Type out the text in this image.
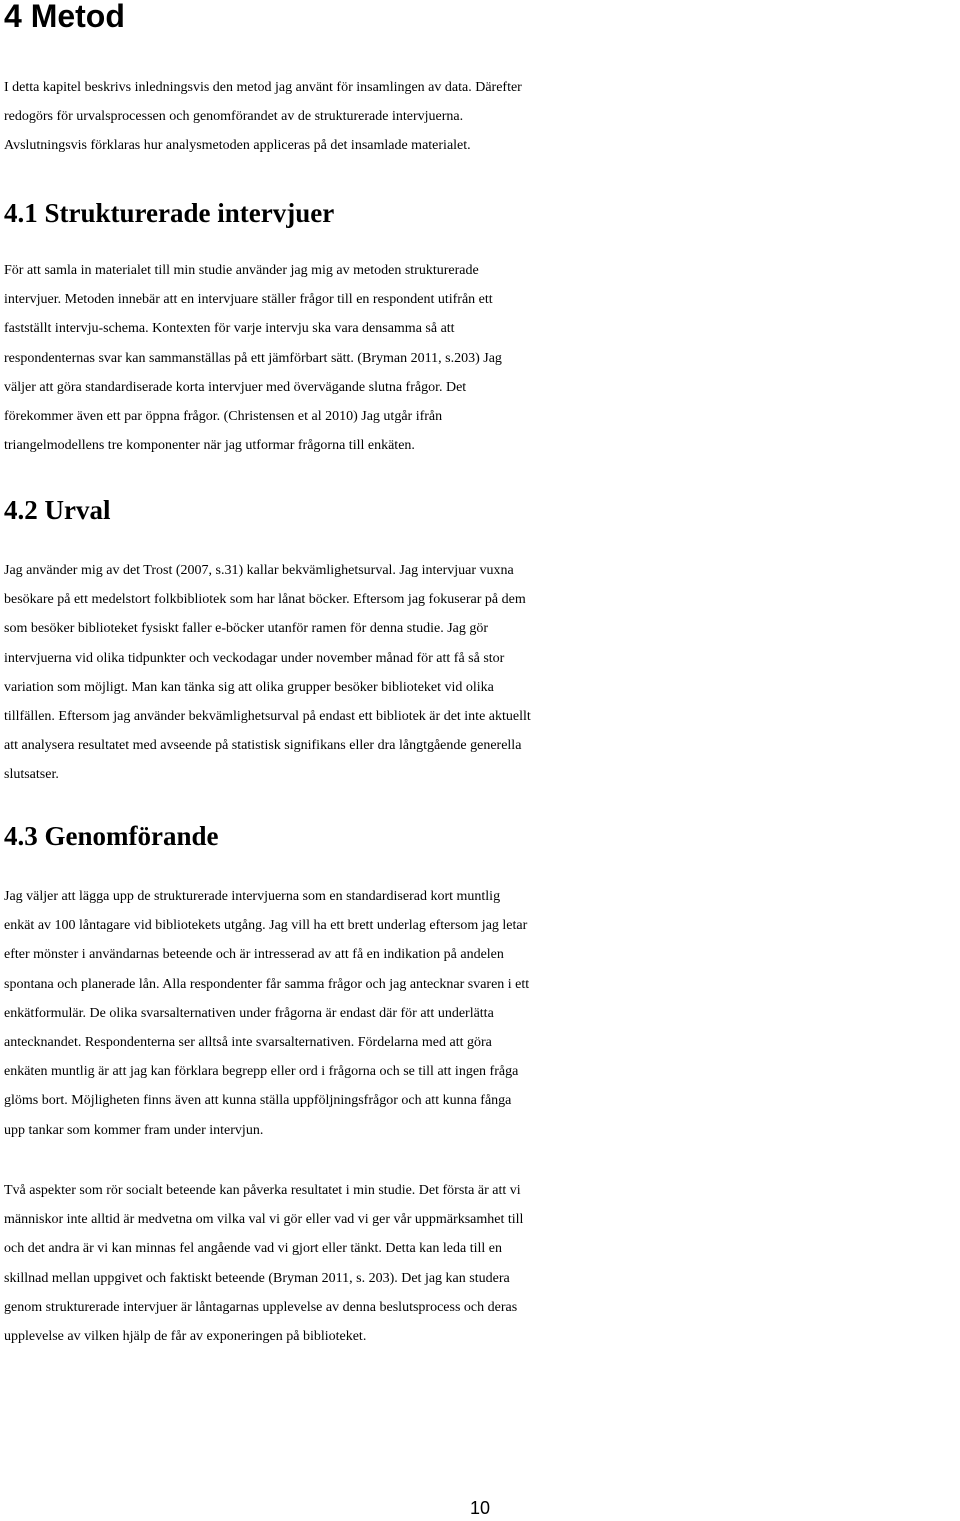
4 Metod
I detta kapitel beskrivs inledningsvis den metod jag använt för insamlingen av data. Därefter
redogörs för urvalsprocessen och genomförandet av de strukturerade intervjuerna.
Avslutningsvis förklaras hur analysmetoden appliceras på det insamlade materialet.
4.1 Strukturerade intervjuer
För att samla in materialet till min studie använder jag mig av metoden strukturerade
intervjuer. Metoden innebär att en intervjuare ställer frågor till en respondent utifrån ett
fastställt intervju-schema. Kontexten för varje intervju ska vara densamma så att
respondenternas svar kan sammanställas på ett jämförbart sätt. (Bryman 2011, s.203) Jag
väljer att göra standardiserade korta intervjuer med övervägande slutna frågor. Det
förekommer även ett par öppna frågor. (Christensen et al 2010) Jag utgår ifrån
triangelmodellens tre komponenter när jag utformar frågorna till enkäten.
4.2 Urval
Jag använder mig av det Trost (2007, s.31) kallar bekvämlighetsurval. Jag intervjuar vuxna
besökare på ett medelstort folkbibliotek som har lånat böcker. Eftersom jag fokuserar på dem
som besöker biblioteket fysiskt faller e-böcker utanför ramen för denna studie. Jag gör
intervjuerna vid olika tidpunkter och veckodagar under november månad för att få så stor
variation som möjligt. Man kan tänka sig att olika grupper besöker biblioteket vid olika
tillfällen. Eftersom jag använder bekvämlighetsurval på endast ett bibliotek är det inte aktuellt
att analysera resultatet med avseende på statistisk signifikans eller dra långtgående generella
slutsatser.
4.3 Genomförande
Jag väljer att lägga upp de strukturerade intervjuerna som en standardiserad kort muntlig
enkät av 100 låntagare vid bibliotekets utgång. Jag vill ha ett brett underlag eftersom jag letar
efter mönster i användarnas beteende och är intresserad av att få en indikation på andelen
spontana och planerade lån. Alla respondenter får samma frågor och jag antecknar svaren i ett
enkätformulär. De olika svarsalternativen under frågorna är endast där för att underlätta
antecknandet. Respondenterna ser alltså inte svarsalternativen. Fördelarna med att göra
enkäten muntlig är att jag kan förklara begrepp eller ord i frågorna och se till att ingen fråga
glöms bort. Möjligheten finns även att kunna ställa uppföljningsfrågor och att kunna fånga
upp tankar som kommer fram under intervjun.
Två aspekter som rör socialt beteende kan påverka resultatet i min studie. Det första är att vi
människor inte alltid är medvetna om vilka val vi gör eller vad vi ger vår uppmärksamhet till
och det andra är vi kan minnas fel angående vad vi gjort eller tänkt. Detta kan leda till en
skillnad mellan uppgivet och faktiskt beteende (Bryman 2011, s. 203). Det jag kan studera
genom strukturerade intervjuer är låntagarnas upplevelse av denna beslutsprocess och deras
upplevelse av vilken hjälp de får av exponeringen på biblioteket.
10
